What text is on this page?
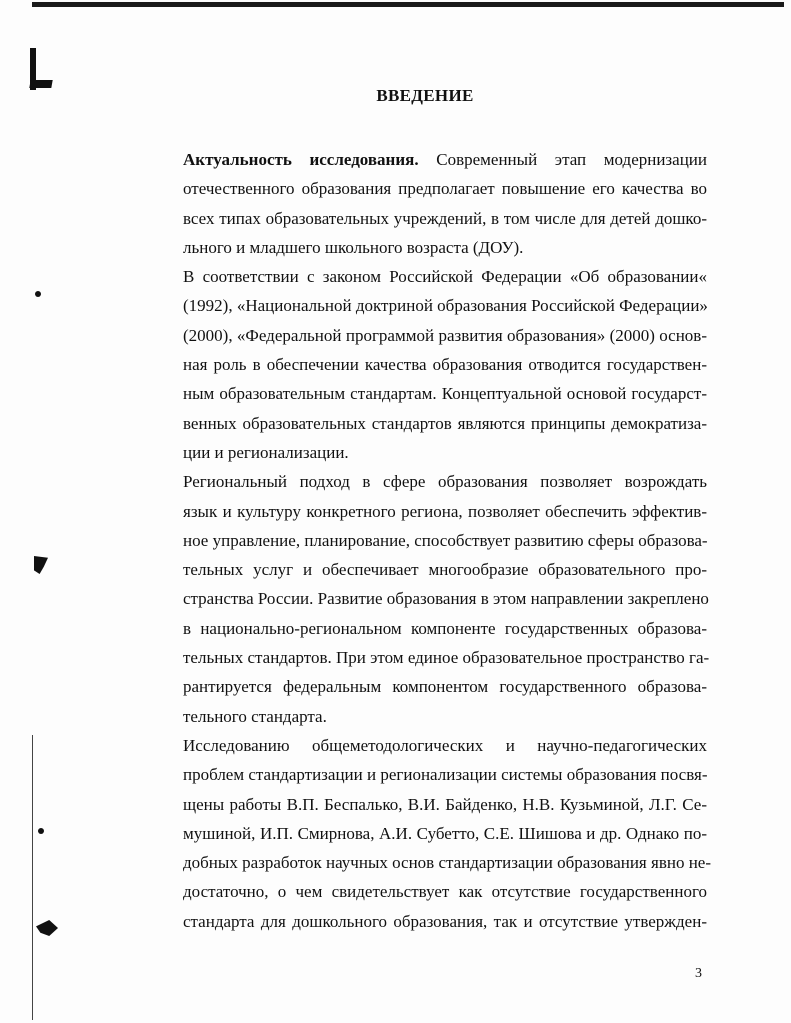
ВВЕДЕНИЕ

Актуальность исследования. Современный этап модернизации
отечественного образования предполагает повышение его качества во
всех типах образовательных учреждений, в том числе для детей дошко-
льного и младшего школьного возраста (ДОУ).

В соответствии с законом Российской Федерации «Об образовании«
(1992), «Национальной доктриной образования Российской Федерации»
(2000), «Федеральной программой развития образования» (2000) основ-
ная роль в обеспечении качества образования отводится государствен-
ным образовательным стандартам. Концептуальной основой государст-
венных образовательных стандартов являются принципы демократиза-
ции и регионализации.

Региональный подход в сфере образования позволяет возрождать
язык и культуру конкретного региона, позволяет обеспечить эффектив-
ное управление, планирование, способствует развитию сферы образова-
тельных услуг и обеспечивает многообразие образовательного про-
странства России. Развитие образования в этом направлении закреплено
в национально-региональном компоненте государственных образова-
тельных стандартов. При этом единое образовательное пространство га-
рантируется федеральным компонентом государственного образова-
тельного стандарта.

Исследованию общеметодологических и научно-педагогических
проблем стандартизации и регионализации системы образования посвя-
щены работы В.П. Беспалько, В.И. Байденко, Н.В. Кузьминой, Л.Г. Се-
мушиной, И.П. Смирнова, А.И. Субетто, С.Е. Шишова и др. Однако по-
добных разработок научных основ стандартизации образования явно не-
достаточно, о чем свидетельствует как отсутствие государственного
стандарта для дошкольного образования, так и отсутствие утвержден-

3
